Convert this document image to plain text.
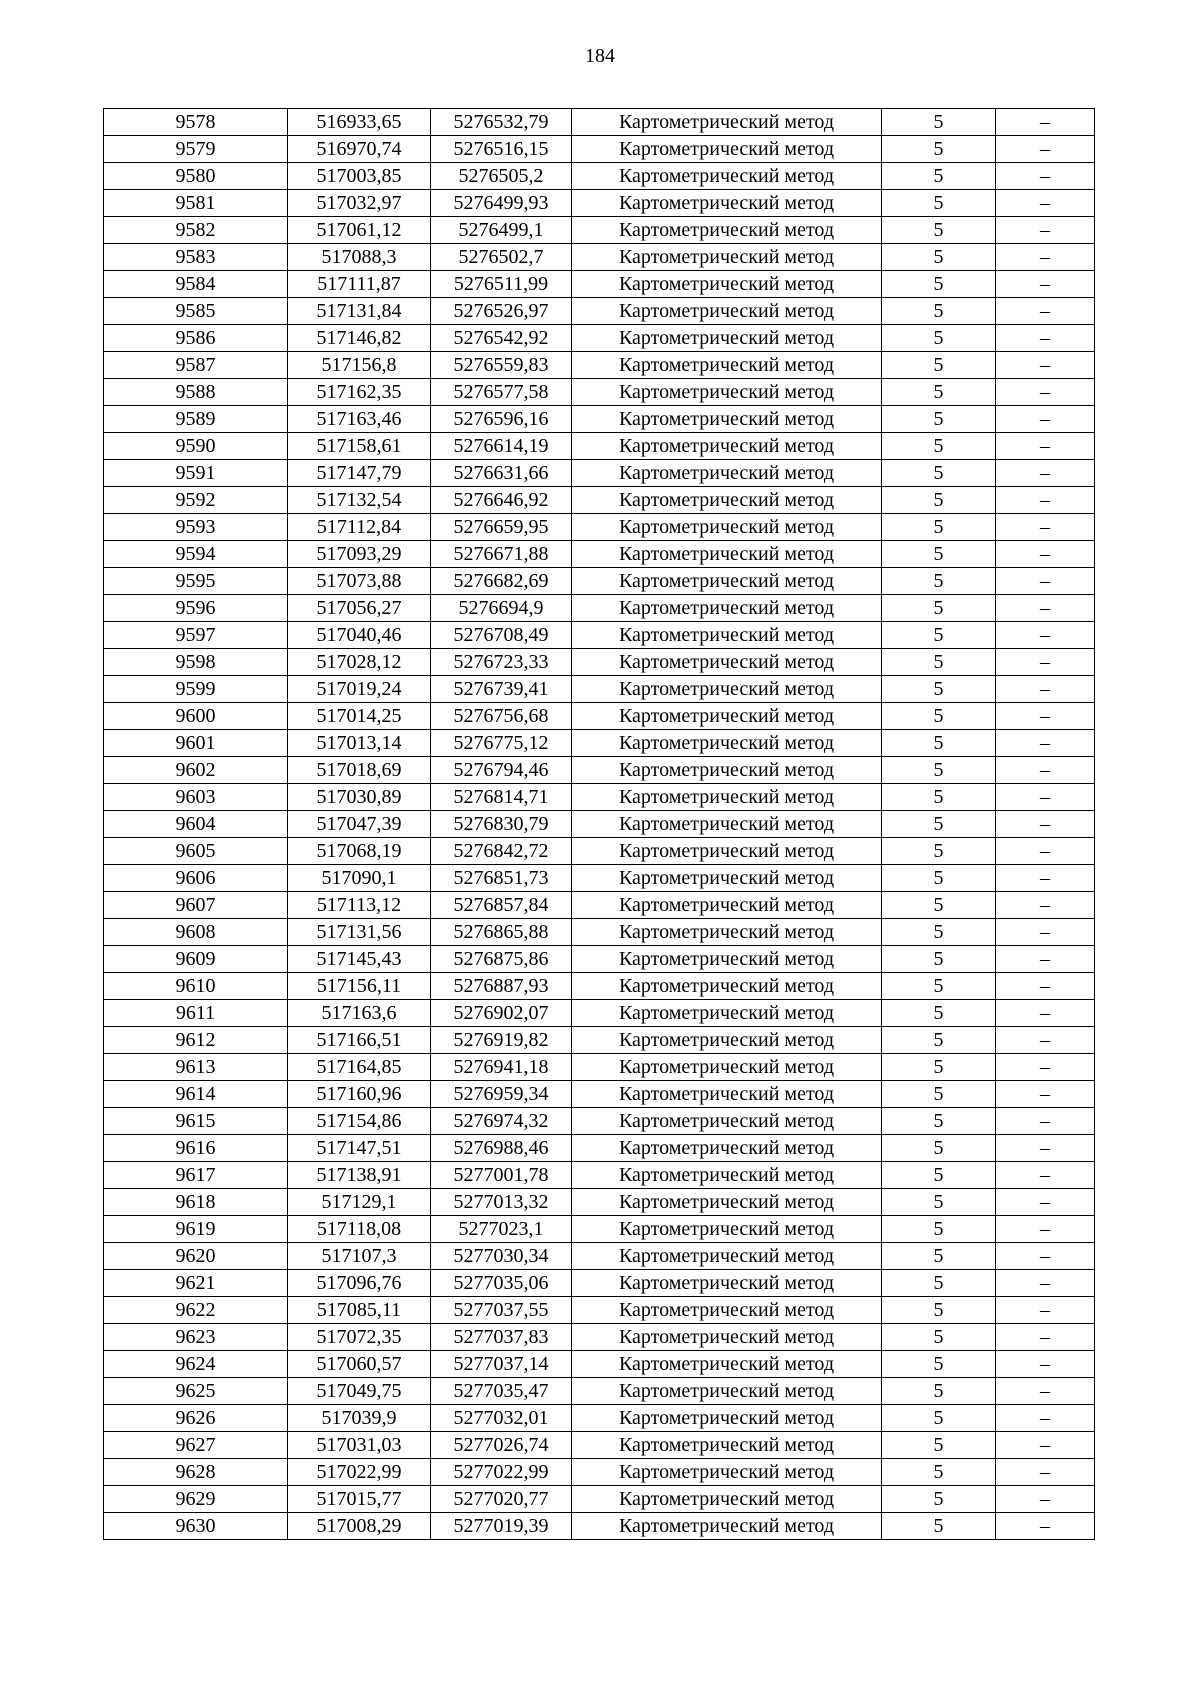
184
9578	516933,65	5276532,79	Картометрический метод	5	–
9579	516970,74	5276516,15	Картометрический метод	5	–
9580	517003,85	5276505,2	Картометрический метод	5	–
9581	517032,97	5276499,93	Картометрический метод	5	–
9582	517061,12	5276499,1	Картометрический метод	5	–
9583	517088,3	5276502,7	Картометрический метод	5	–
9584	517111,87	5276511,99	Картометрический метод	5	–
9585	517131,84	5276526,97	Картометрический метод	5	–
9586	517146,82	5276542,92	Картометрический метод	5	–
9587	517156,8	5276559,83	Картометрический метод	5	–
9588	517162,35	5276577,58	Картометрический метод	5	–
9589	517163,46	5276596,16	Картометрический метод	5	–
9590	517158,61	5276614,19	Картометрический метод	5	–
9591	517147,79	5276631,66	Картометрический метод	5	–
9592	517132,54	5276646,92	Картометрический метод	5	–
9593	517112,84	5276659,95	Картометрический метод	5	–
9594	517093,29	5276671,88	Картометрический метод	5	–
9595	517073,88	5276682,69	Картометрический метод	5	–
9596	517056,27	5276694,9	Картометрический метод	5	–
9597	517040,46	5276708,49	Картометрический метод	5	–
9598	517028,12	5276723,33	Картометрический метод	5	–
9599	517019,24	5276739,41	Картометрический метод	5	–
9600	517014,25	5276756,68	Картометрический метод	5	–
9601	517013,14	5276775,12	Картометрический метод	5	–
9602	517018,69	5276794,46	Картометрический метод	5	–
9603	517030,89	5276814,71	Картометрический метод	5	–
9604	517047,39	5276830,79	Картометрический метод	5	–
9605	517068,19	5276842,72	Картометрический метод	5	–
9606	517090,1	5276851,73	Картометрический метод	5	–
9607	517113,12	5276857,84	Картометрический метод	5	–
9608	517131,56	5276865,88	Картометрический метод	5	–
9609	517145,43	5276875,86	Картометрический метод	5	–
9610	517156,11	5276887,93	Картометрический метод	5	–
9611	517163,6	5276902,07	Картометрический метод	5	–
9612	517166,51	5276919,82	Картометрический метод	5	–
9613	517164,85	5276941,18	Картометрический метод	5	–
9614	517160,96	5276959,34	Картометрический метод	5	–
9615	517154,86	5276974,32	Картометрический метод	5	–
9616	517147,51	5276988,46	Картометрический метод	5	–
9617	517138,91	5277001,78	Картометрический метод	5	–
9618	517129,1	5277013,32	Картометрический метод	5	–
9619	517118,08	5277023,1	Картометрический метод	5	–
9620	517107,3	5277030,34	Картометрический метод	5	–
9621	517096,76	5277035,06	Картометрический метод	5	–
9622	517085,11	5277037,55	Картометрический метод	5	–
9623	517072,35	5277037,83	Картометрический метод	5	–
9624	517060,57	5277037,14	Картометрический метод	5	–
9625	517049,75	5277035,47	Картометрический метод	5	–
9626	517039,9	5277032,01	Картометрический метод	5	–
9627	517031,03	5277026,74	Картометрический метод	5	–
9628	517022,99	5277022,99	Картометрический метод	5	–
9629	517015,77	5277020,77	Картометрический метод	5	–
9630	517008,29	5277019,39	Картометрический метод	5	–
